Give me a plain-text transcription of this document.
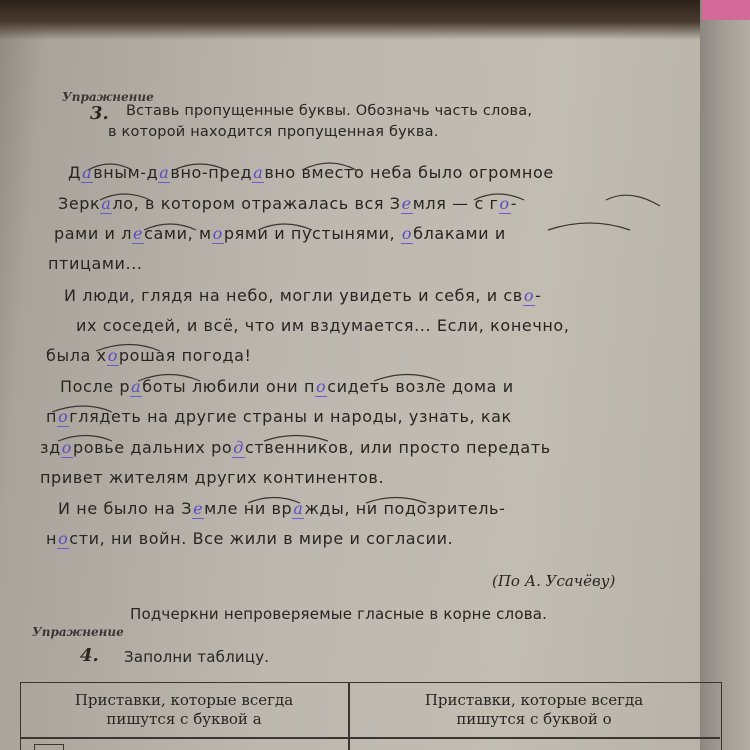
Упражнение
3. Вставь пропущенные буквы. Обозначь часть слова,
в которой находится пропущенная буква.
Давным-давно-предавно вместо неба было огромное
Зеркало, в котором отражалась вся Земля — с го-
рами и лесами, морями и пустынями, облаками и
птицами...
И люди, глядя на небо, могли увидеть и себя, и сво-
их соседей, и всё, что им вздумается... Если, конечно,
была хорошая погода!
После работы любили они посидеть возле дома и
поглядеть на другие страны и народы, узнать, как
здоровье дальних родственников, или просто передать
привет жителям других континентов.
И не было на Земле ни вражды, ни подозритель-
ности, ни войн. Все жили в мире и согласии.
(По А. Усачёву)
Подчеркни непроверяемые гласные в корне слова.
Упражнение
4. Заполни таблицу.
Приставки, которые всегда
пишутся с буквой а
Приставки, которые всегда
пишутся с буквой о
